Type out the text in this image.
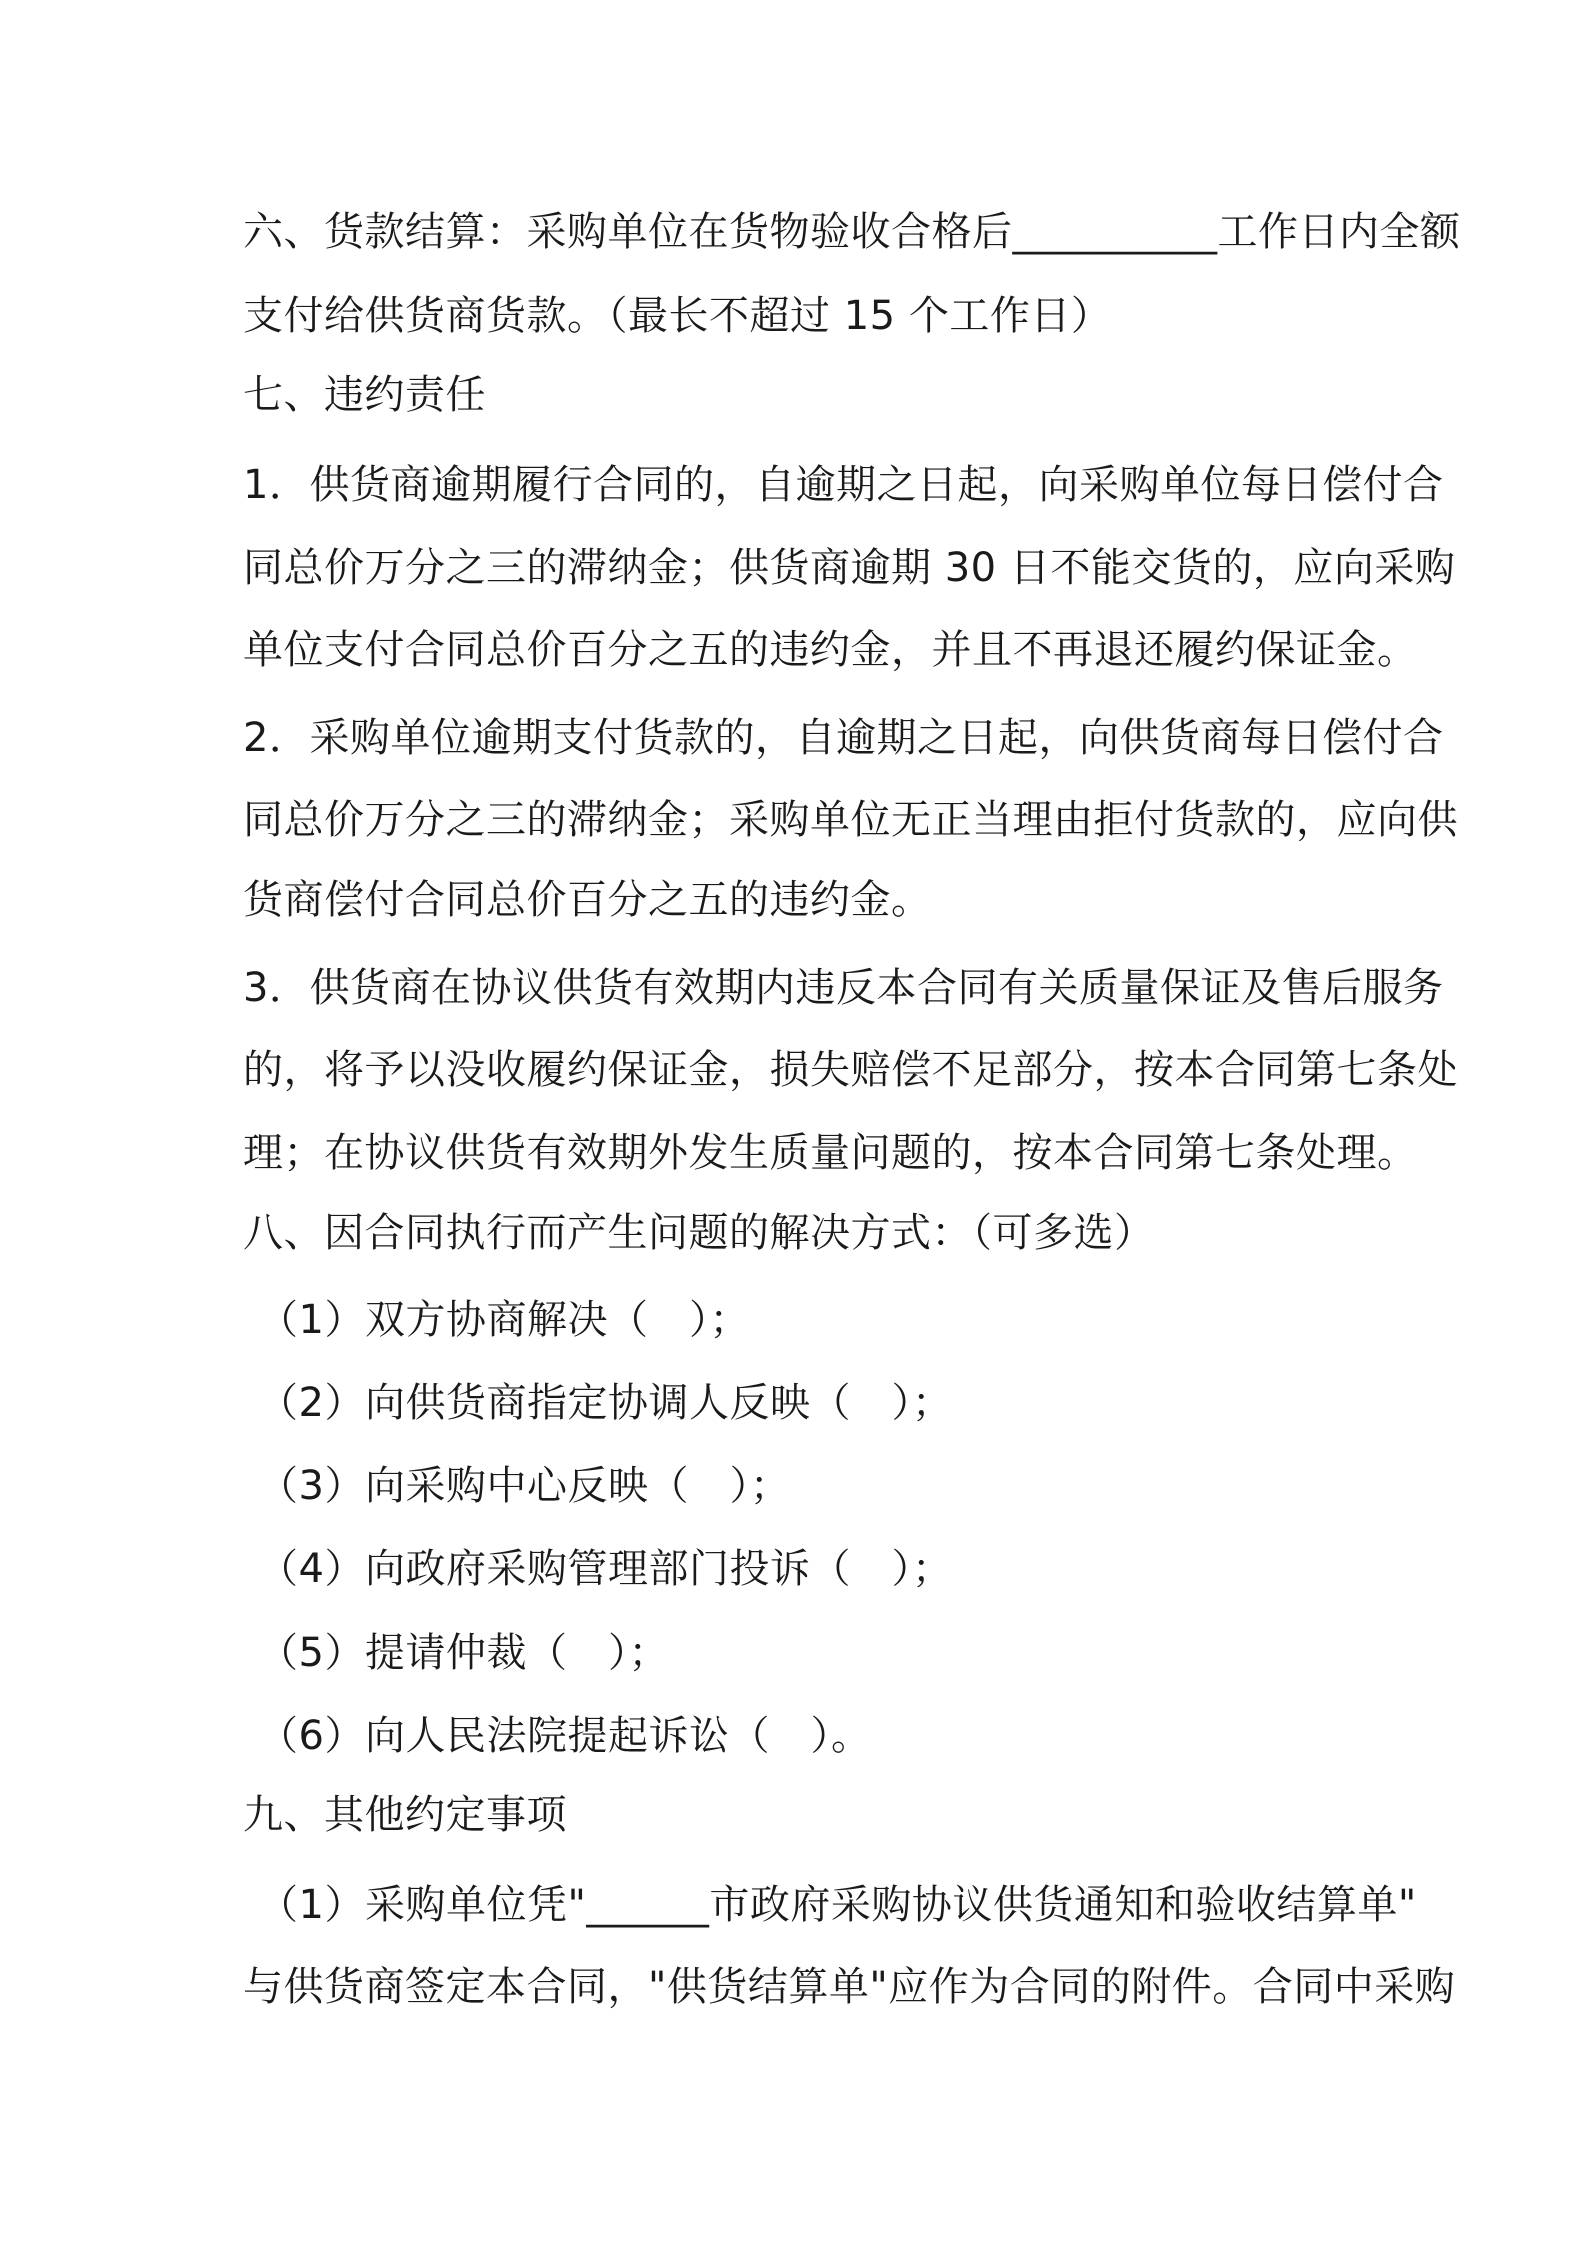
六、货款结算：采购单位在货物验收合格后__________工作日内全额
支付给供货商货款。（最长不超过 15 个工作日）
七、违约责任
1．供货商逾期履行合同的，自逾期之日起，向采购单位每日偿付合
同总价万分之三的滞纳金；供货商逾期 30 日不能交货的，应向采购
单位支付合同总价百分之五的违约金，并且不再退还履约保证金。
2．采购单位逾期支付货款的，自逾期之日起，向供货商每日偿付合
同总价万分之三的滞纳金；采购单位无正当理由拒付货款的，应向供
货商偿付合同总价百分之五的违约金。
3．供货商在协议供货有效期内违反本合同有关质量保证及售后服务
的，将予以没收履约保证金，损失赔偿不足部分，按本合同第七条处
理；在协议供货有效期外发生质量问题的，按本合同第七条处理。
八、因合同执行而产生问题的解决方式：（可多选）
（1）双方协商解决（　）；
（2）向供货商指定协调人反映（　）；
（3）向采购中心反映（　）；
（4）向政府采购管理部门投诉（　）；
（5）提请仲裁（　）；
（6）向人民法院提起诉讼（　）。
九、其他约定事项
（1）采购单位凭"______市政府采购协议供货通知和验收结算单"
与供货商签定本合同，"供货结算单"应作为合同的附件。合同中采购
